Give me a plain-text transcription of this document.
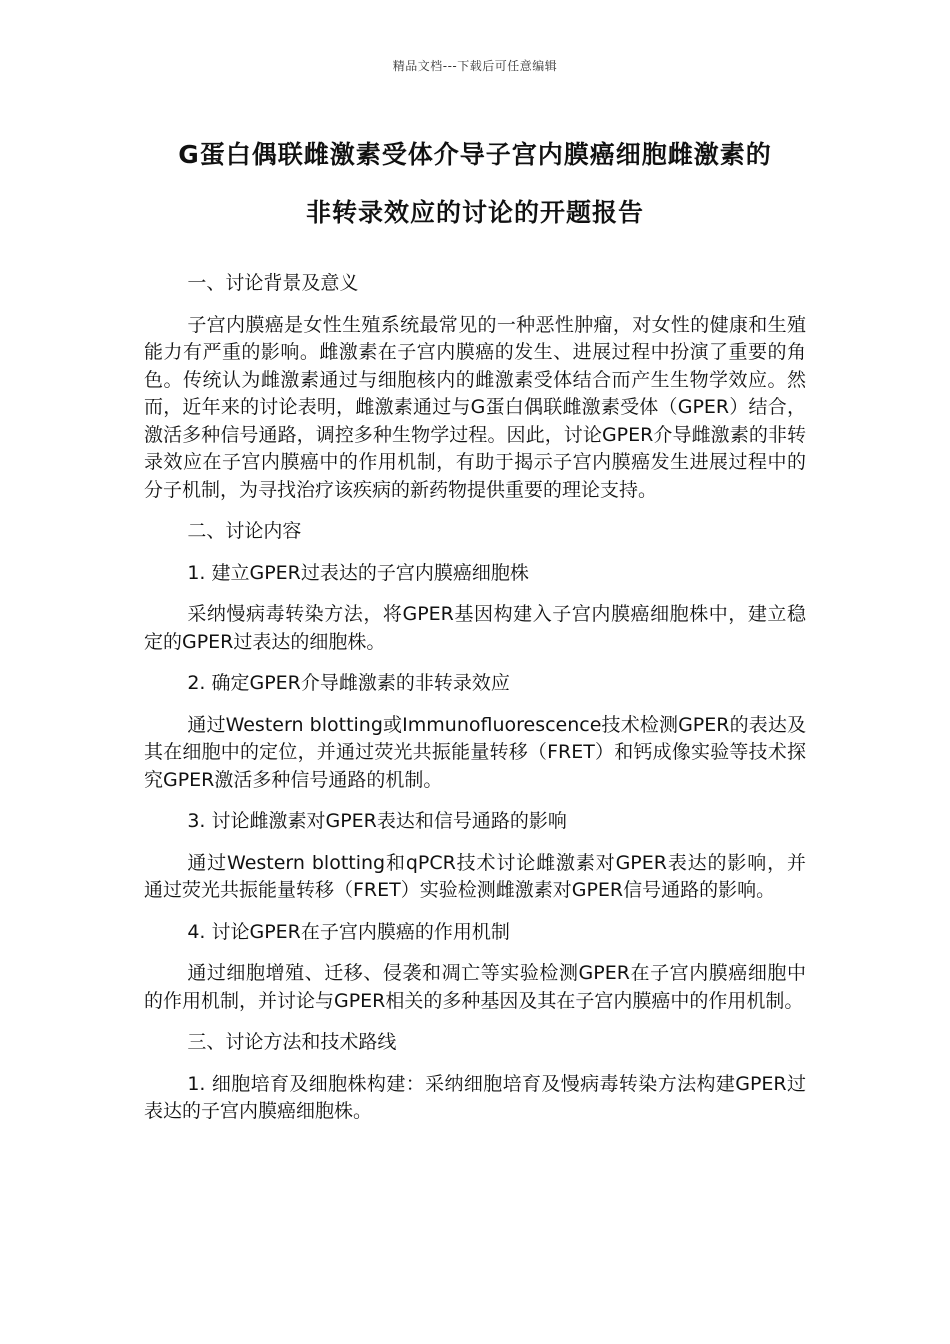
精品文档---下载后可任意编辑
G蛋白偶联雌激素受体介导子宫内膜癌细胞雌激素的
非转录效应的讨论的开题报告

一、讨论背景及意义

子宫内膜癌是女性生殖系统最常见的一种恶性肿瘤，对女性的健康和生殖能力有严重的影响。雌激素在子宫内膜癌的发生、进展过程中扮演了重要的角色。传统认为雌激素通过与细胞核内的雌激素受体结合而产生生物学效应。然而，近年来的讨论表明，雌激素通过与G蛋白偶联雌激素受体（GPER）结合，激活多种信号通路，调控多种生物学过程。因此，讨论GPER介导雌激素的非转录效应在子宫内膜癌中的作用机制，有助于揭示子宫内膜癌发生进展过程中的分子机制，为寻找治疗该疾病的新药物提供重要的理论支持。

二、讨论内容

1. 建立GPER过表达的子宫内膜癌细胞株

采纳慢病毒转染方法，将GPER基因构建入子宫内膜癌细胞株中，建立稳定的GPER过表达的细胞株。

2. 确定GPER介导雌激素的非转录效应

通过Western blotting或Immunofluorescence技术检测GPER的表达及其在细胞中的定位，并通过荧光共振能量转移（FRET）和钙成像实验等技术探究GPER激活多种信号通路的机制。

3. 讨论雌激素对GPER表达和信号通路的影响

通过Western blotting和qPCR技术讨论雌激素对GPER表达的影响，并通过荧光共振能量转移（FRET）实验检测雌激素对GPER信号通路的影响。

4. 讨论GPER在子宫内膜癌的作用机制

通过细胞增殖、迁移、侵袭和凋亡等实验检测GPER在子宫内膜癌细胞中的作用机制，并讨论与GPER相关的多种基因及其在子宫内膜癌中的作用机制。

三、讨论方法和技术路线

1. 细胞培育及细胞株构建：采纳细胞培育及慢病毒转染方法构建GPER过表达的子宫内膜癌细胞株。
